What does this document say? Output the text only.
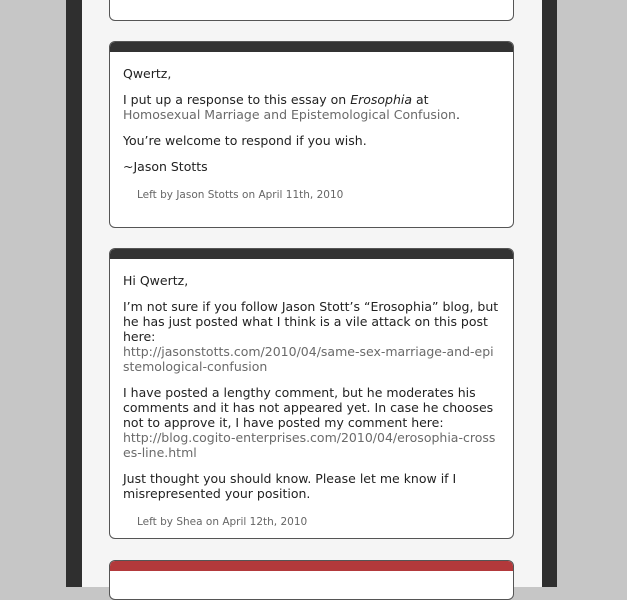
Qwertz,

I put up a response to this essay on Erosophia at Homosexual Marriage and Epistemological Confusion.

You’re welcome to respond if you wish.

~Jason Stotts

Left by Jason Stotts on April 11th, 2010

Hi Qwertz,

I’m not sure if you follow Jason Stott’s “Erosophia” blog, but he has just posted what I think is a vile attack on this post here:
http://jasonstotts.com/2010/04/same-sex-marriage-and-epistemological-confusion

I have posted a lengthy comment, but he moderates his comments and it has not appeared yet. In case he chooses not to approve it, I have posted my comment here:
http://blog.cogito-enterprises.com/2010/04/erosophia-crosses-line.html

Just thought you should know. Please let me know if I misrepresented your position.

Left by Shea on April 12th, 2010
